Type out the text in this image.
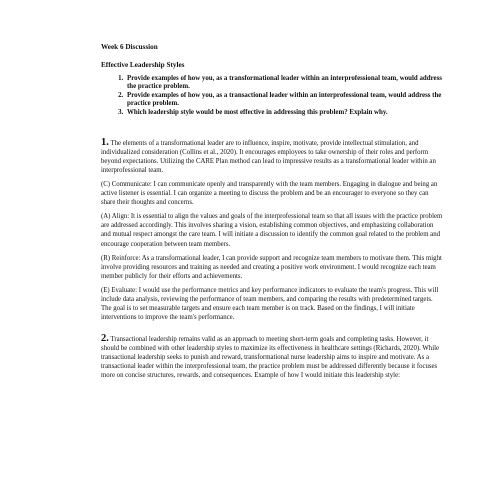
Week 6 Discussion
Effective Leadership Styles
1. Provide examples of how you, as a transformational leader within an interprofessional team, would address the practice problem.
2. Provide examples of how you, as a transactional leader within an interprofessional team, would address the practice problem.
3. Which leadership style would be most effective in addressing this problem? Explain why.

1. The elements of a transformational leader are to influence, inspire, motivate, provide intellectual stimulation, and individualized consideration (Collins et al., 2020). It encourages employees to take ownership of their roles and perform beyond expectations. Utilizing the CARE Plan method can lead to impressive results as a transformational leader within an interprofessional team.

(C) Communicate: I can communicate openly and transparently with the team members. Engaging in dialogue and being an active listener is essential. I can organize a meeting to discuss the problem and be an encourager to everyone so they can share their thoughts and concerns.

(A) Align: It is essential to align the values and goals of the interprofessional team so that all issues with the practice problem are addressed accordingly. This involves sharing a vision, establishing common objectives, and emphasizing collaboration and mutual respect amongst the care team. I will initiate a discussion to identify the common goal related to the problem and encourage cooperation between team members.

(R) Reinforce: As a transformational leader, I can provide support and recognize team members to motivate them. This might involve providing resources and training as needed and creating a positive work environment. I would recognize each team member publicly for their efforts and achievements.

(E) Evaluate: I would use the performance metrics and key performance indicators to evaluate the team's progress. This will include data analysis, reviewing the performance of team members, and comparing the results with predetermined targets. The goal is to set measurable targets and ensure each team member is on track. Based on the findings, I will initiate interventions to improve the team's performance.

2. Transactional leadership remains valid as an approach to meeting short-term goals and completing tasks. However, it should be combined with other leadership styles to maximize its effectiveness in healthcare settings (Richards, 2020). While transactional leadership seeks to punish and reward, transformational nurse leadership aims to inspire and motivate. As a transactional leader within the interprofessional team, the practice problem must be addressed differently because it focuses more on concise structures, rewards, and consequences. Example of how I would initiate this leadership style:
